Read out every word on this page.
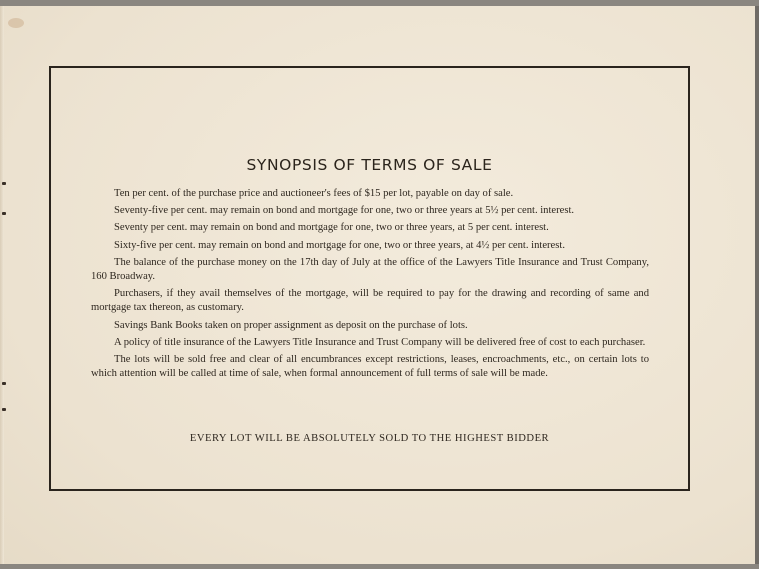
SYNOPSIS OF TERMS OF SALE

Ten per cent. of the purchase price and auctioneer's fees of $15 per lot, payable on day of sale.

Seventy-five per cent. may remain on bond and mortgage for one, two or three years at 5½ per cent. interest.

Seventy per cent. may remain on bond and mortgage for one, two or three years, at 5 per cent. interest.

Sixty-five per cent. may remain on bond and mortgage for one, two or three years, at 4½ per cent. interest.

The balance of the purchase money on the 17th day of July at the office of the Lawyers Title Insurance and Trust Company, 160 Broadway.

Purchasers, if they avail themselves of the mortgage, will be required to pay for the drawing and recording of same and mortgage tax thereon, as customary.

Savings Bank Books taken on proper assignment as deposit on the purchase of lots.

A policy of title insurance of the Lawyers Title Insurance and Trust Company will be delivered free of cost to each purchaser.

The lots will be sold free and clear of all encumbrances except restrictions, leases, encroachments, etc., on certain lots to which attention will be called at time of sale, when formal announcement of full terms of sale will be made.

EVERY LOT WILL BE ABSOLUTELY SOLD TO THE HIGHEST BIDDER
